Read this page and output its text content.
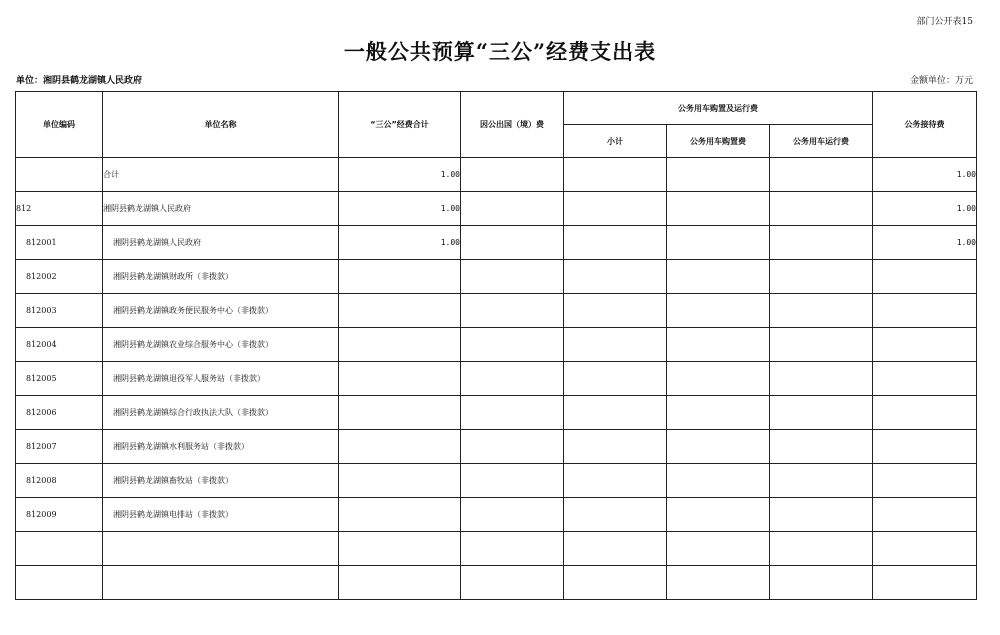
部门公开表15
一般公共预算“三公”经费支出表
单位：湘阴县鹤龙湖镇人民政府	金额单位：万元
单位编码	单位名称	“三公”经费合计	因公出国（境）费	公务用车购置及运行费			公务接待费
				小计	公务用车购置费	公务用车运行费	
	合计	1.00					1.00
812	湘阴县鹤龙湖镇人民政府	1.00					1.00
812001	湘阴县鹤龙湖镇人民政府	1.00					1.00
812002	湘阴县鹤龙湖镇财政所（非拨款）						
812003	湘阴县鹤龙湖镇政务便民服务中心（非拨款）						
812004	湘阴县鹤龙湖镇农业综合服务中心（非拨款）						
812005	湘阴县鹤龙湖镇退役军人服务站（非拨款）						
812006	湘阴县鹤龙湖镇综合行政执法大队（非拨款）						
812007	湘阴县鹤龙湖镇水利服务站（非拨款）						
812008	湘阴县鹤龙湖镇畜牧站（非拨款）						
812009	湘阴县鹤龙湖镇电排站（非拨款）						
